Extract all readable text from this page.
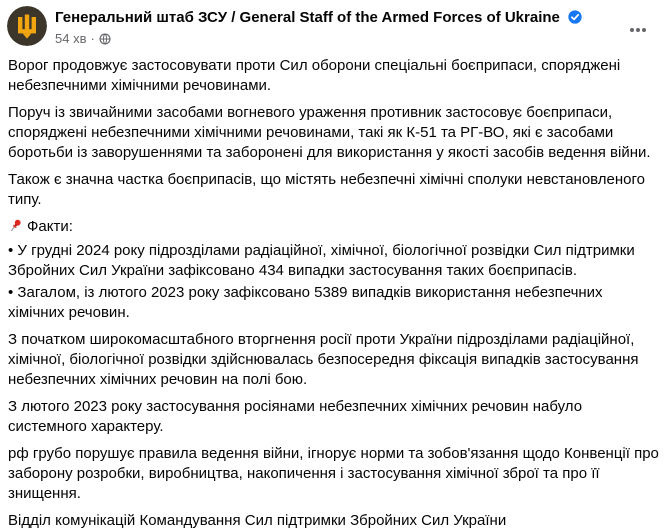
Генеральний штаб ЗСУ / General Staff of the Armed Forces of Ukraine
54 хв ·

Ворог продовжує застосовувати проти Сил оборони спеціальні боєприпаси, споряджені небезпечними хімічними речовинами.

Поруч із звичайними засобами вогневого ураження противник застосовує боєприпаси, споряджені небезпечними хімічними речовинами, такі як К-51 та РГ-ВО, які є засобами боротьби із заворушеннями та заборонені для використання у якості засобів ведення війни.

Також є значна частка боєприпасів, що містять небезпечні хімічні сполуки невстановленого типу.

Факти:

• У грудні 2024 року підрозділами радіаційної, хімічної, біологічної розвідки Сил підтримки Збройних Сил України зафіксовано 434 випадки застосування таких боєприпасів.

• Загалом, із лютого 2023 року зафіксовано 5389 випадків використання небезпечних хімічних речовин.

З початком широкомасштабного вторгнення росії проти України підрозділами радіаційної, хімічної, біологічної розвідки здійснювалась безпосередня фіксація випадків застосування небезпечних хімічних речовин на полі бою.

З лютого 2023 року застосування росіянами небезпечних хімічних речовин набуло системного характеру.

рф грубо порушує правила ведення війни, ігнорує норми та зобов'язання щодо Конвенції про заборону розробки, виробництва, накопичення і застосування хімічної зброї та про її знищення.

Відділ комунікацій Командування Сил підтримки Збройних Сил України
